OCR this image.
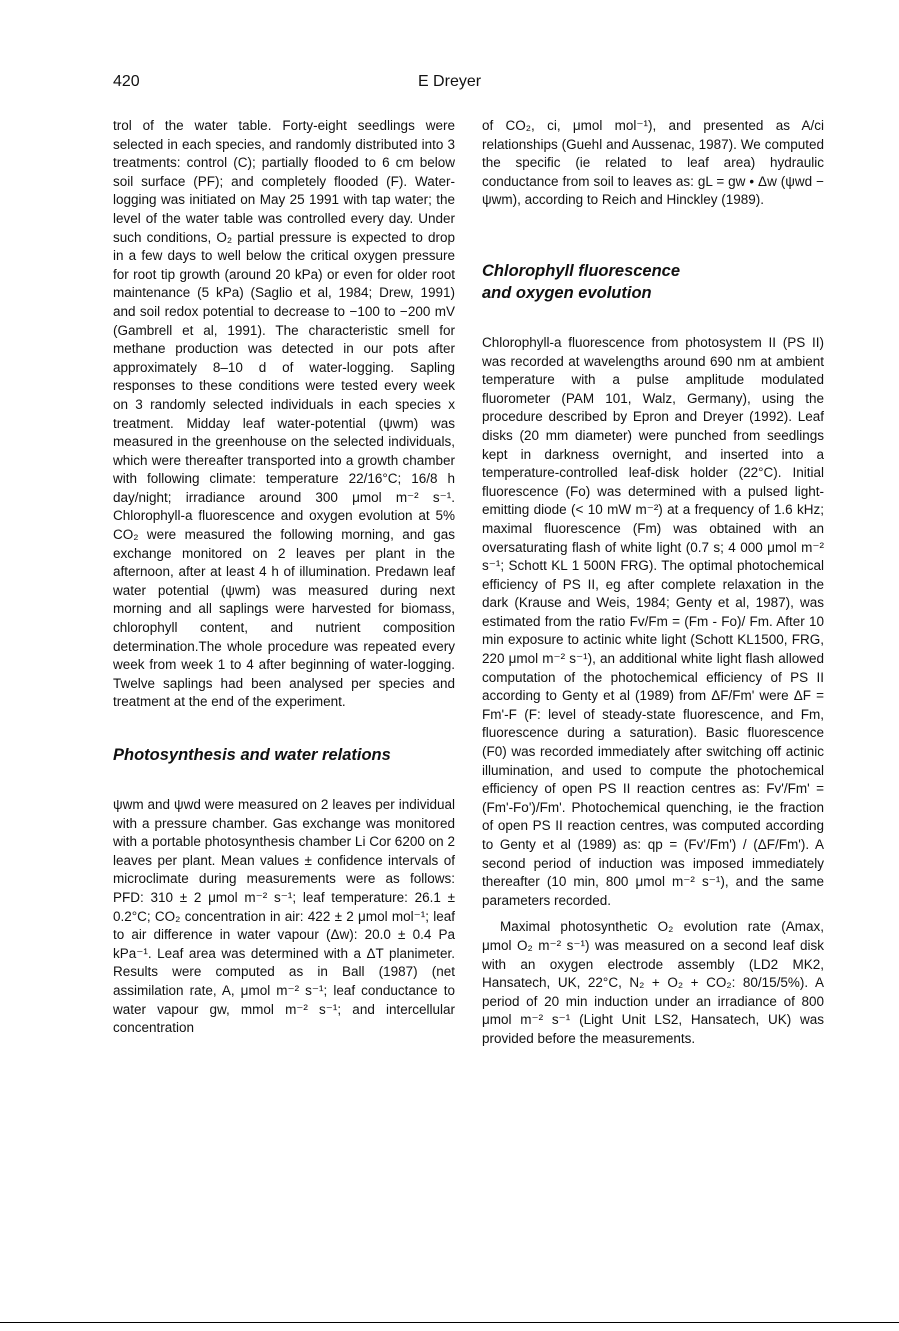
420	E Dreyer

trol of the water table. Forty-eight seedlings were selected in each species, and randomly distributed into 3 treatments: control (C); partially flooded to 6 cm below soil surface (PF); and completely flooded (F). Water-logging was initiated on May 25 1991 with tap water; the level of the water table was controlled every day. Under such conditions, O₂ partial pressure is expected to drop in a few days to well below the critical oxygen pressure for root tip growth (around 20 kPa) or even for older root maintenance (5 kPa) (Saglio et al, 1984; Drew, 1991) and soil redox potential to decrease to −100 to −200 mV (Gambrell et al, 1991). The characteristic smell for methane production was detected in our pots after approximately 8–10 d of water-logging. Sapling responses to these conditions were tested every week on 3 randomly selected individuals in each species x treatment. Midday leaf water-potential (ψwm) was measured in the greenhouse on the selected individuals, which were thereafter transported into a growth chamber with following climate: temperature 22/16°C; 16/8 h day/night; irradiance around 300 μmol m⁻² s⁻¹. Chlorophyll-a fluorescence and oxygen evolution at 5% CO₂ were measured the following morning, and gas exchange monitored on 2 leaves per plant in the afternoon, after at least 4 h of illumination. Predawn leaf water potential (ψwm) was measured during next morning and all saplings were harvested for biomass, chlorophyll content, and nutrient composition determination.The whole procedure was repeated every week from week 1 to 4 after beginning of water-logging. Twelve saplings had been analysed per species and treatment at the end of the experiment.

Photosynthesis and water relations

ψwm and ψwd were measured on 2 leaves per individual with a pressure chamber. Gas exchange was monitored with a portable photosynthesis chamber Li Cor 6200 on 2 leaves per plant. Mean values ± confidence intervals of microclimate during measurements were as follows: PFD: 310 ± 2 μmol m⁻² s⁻¹; leaf temperature: 26.1 ± 0.2°C; CO₂ concentration in air: 422 ± 2 μmol mol⁻¹; leaf to air difference in water vapour (Δw): 20.0 ± 0.4 Pa kPa⁻¹. Leaf area was determined with a ΔT planimeter. Results were computed as in Ball (1987) (net assimilation rate, A, μmol m⁻² s⁻¹; leaf conductance to water vapour gw, mmol m⁻² s⁻¹; and intercellular concentration

of CO₂, ci, μmol mol⁻¹), and presented as A/ci relationships (Guehl and Aussenac, 1987). We computed the specific (ie related to leaf area) hydraulic conductance from soil to leaves as: gL = gw • Δw (ψwd − ψwm), according to Reich and Hinckley (1989).

Chlorophyll fluorescence
and oxygen evolution

Chlorophyll-a fluorescence from photosystem II (PS II) was recorded at wavelengths around 690 nm at ambient temperature with a pulse amplitude modulated fluorometer (PAM 101, Walz, Germany), using the procedure described by Epron and Dreyer (1992). Leaf disks (20 mm diameter) were punched from seedlings kept in darkness overnight, and inserted into a temperature-controlled leaf-disk holder (22°C). Initial fluorescence (Fo) was determined with a pulsed light-emitting diode (< 10 mW m⁻²) at a frequency of 1.6 kHz; maximal fluorescence (Fm) was obtained with an oversaturating flash of white light (0.7 s; 4 000 μmol m⁻² s⁻¹; Schott KL 1 500N FRG). The optimal photochemical efficiency of PS II, eg after complete relaxation in the dark (Krause and Weis, 1984; Genty et al, 1987), was estimated from the ratio Fv/Fm = (Fm - Fo)/ Fm. After 10 min exposure to actinic white light (Schott KL1500, FRG, 220 μmol m⁻² s⁻¹), an additional white light flash allowed computation of the photochemical efficiency of PS II according to Genty et al (1989) from ΔF/Fm' were ΔF = Fm'-F (F: level of steady-state fluorescence, and Fm, fluorescence during a saturation). Basic fluorescence (F0) was recorded immediately after switching off actinic illumination, and used to compute the photochemical efficiency of open PS II reaction centres as: Fv'/Fm' = (Fm'-Fo')/Fm'. Photochemical quenching, ie the fraction of open PS II reaction centres, was computed according to Genty et al (1989) as: qp = (Fv'/Fm') / (ΔF/Fm'). A second period of induction was imposed immediately thereafter (10 min, 800 μmol m⁻² s⁻¹), and the same parameters recorded.

Maximal photosynthetic O₂ evolution rate (Amax, μmol O₂ m⁻² s⁻¹) was measured on a second leaf disk with an oxygen electrode assembly (LD2 MK2, Hansatech, UK, 22°C, N₂ + O₂ + CO₂: 80/15/5%). A period of 20 min induction under an irradiance of 800 μmol m⁻² s⁻¹ (Light Unit LS2, Hansatech, UK) was provided before the measurements.
